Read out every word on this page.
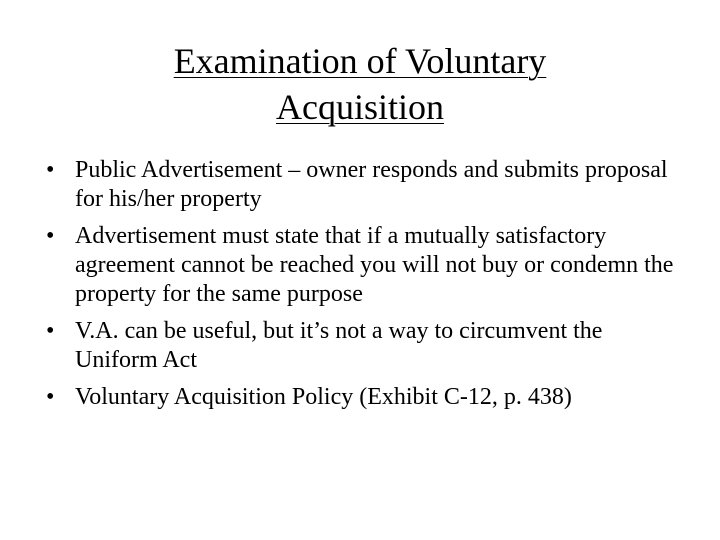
Examination of Voluntary
Acquisition
• Public Advertisement – owner responds and submits proposal for his/her property
• Advertisement must state that if a mutually satisfactory agreement cannot be reached you will not buy or condemn the property for the same purpose
• V.A. can be useful, but it’s not a way to circumvent the Uniform Act
• Voluntary Acquisition Policy (Exhibit C-12, p. 438)
